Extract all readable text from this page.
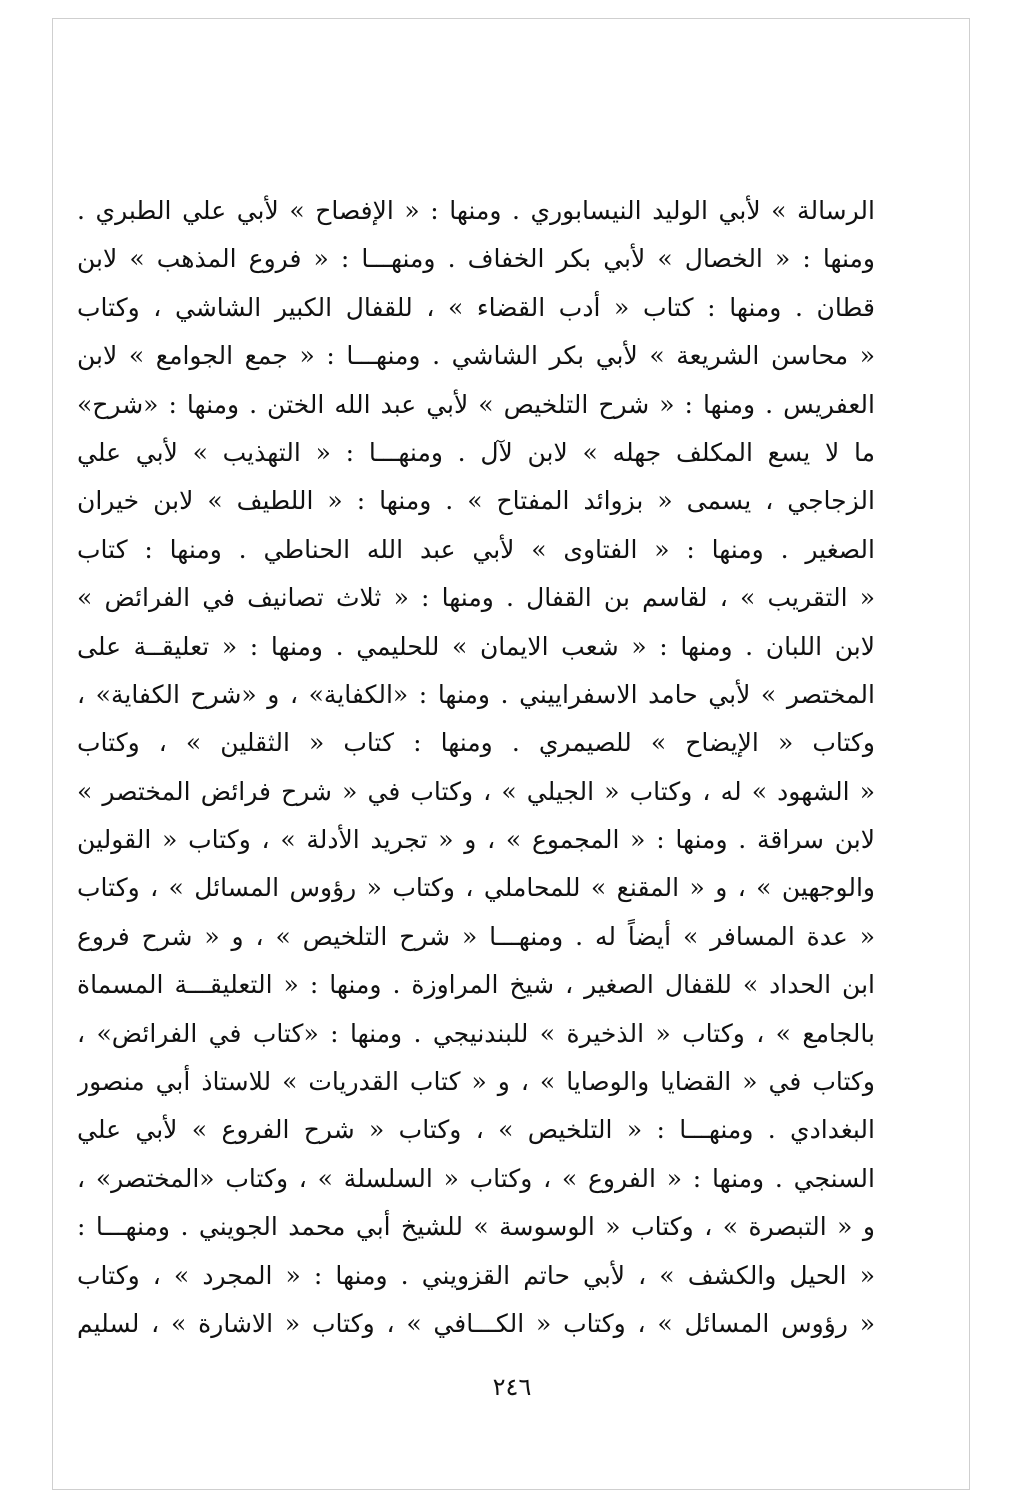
الرسالة » لأبي الوليد النيسابوري . ومنها : « الإفصاح » لأبي علي الطبري .
ومنها : « الخصال » لأبي بكر الخفاف . ومنهـــا : « فروع المذهب » لابن
قطان . ومنها : كتاب « أدب القضاء » ، للقفال الكبير الشاشي ، وكتاب
« محاسن الشريعة » لأبي بكر الشاشي . ومنهـــا : « جمع الجوامع » لابن
العفريس . ومنها : « شرح التلخيص » لأبي عبد الله الختن . ومنها : «شرح»
ما لا يسع المكلف جهله » لابن لآل . ومنهـــا : « التهذيب » لأبي علي
الزجاجي ، يسمى « بزوائد المفتاح » . ومنها : « اللطيف » لابن خيران
الصغير . ومنها : « الفتاوى » لأبي عبد الله الحناطي . ومنها : كتاب
« التقريب » ، لقاسم بن القفال . ومنها : « ثلاث تصانيف في الفرائض »
لابن اللبان . ومنها : « شعب الايمان » للحليمي . ومنها : « تعليقــة على
المختصر » لأبي حامد الاسفراييني . ومنها : «الكفاية» ، و «شرح الكفاية» ،
وكتاب « الإيضاح » للصيمري . ومنها : كتاب « الثقلين » ، وكتاب
« الشهود » له ، وكتاب « الجيلي » ، وكتاب في « شرح فرائض المختصر »
لابن سراقة . ومنها : « المجموع » ، و « تجريد الأدلة » ، وكتاب « القولين
والوجهين » ، و « المقنع » للمحاملي ، وكتاب « رؤوس المسائل » ، وكتاب
« عدة المسافر » أيضاً له . ومنهـــا « شرح التلخيص » ، و « شرح فروع
ابن الحداد » للقفال الصغير ، شيخ المراوزة . ومنها : « التعليقـــة المسماة
بالجامع » ، وكتاب « الذخيرة » للبندنيجي . ومنها : «كتاب في الفرائض» ،
وكتاب في « القضايا والوصايا » ، و « كتاب القدريات » للاستاذ أبي منصور
البغدادي . ومنهـــا : « التلخيص » ، وكتاب « شرح الفروع » لأبي علي
السنجي . ومنها : « الفروع » ، وكتاب « السلسلة » ، وكتاب «المختصر» ،
و « التبصرة » ، وكتاب « الوسوسة » للشيخ أبي محمد الجويني . ومنهـــا :
« الحيل والكشف » ، لأبي حاتم القزويني . ومنها : « المجرد » ، وكتاب
« رؤوس المسائل » ، وكتاب « الكـــافي » ، وكتاب « الاشارة » ، لسليم
٢٤٦
